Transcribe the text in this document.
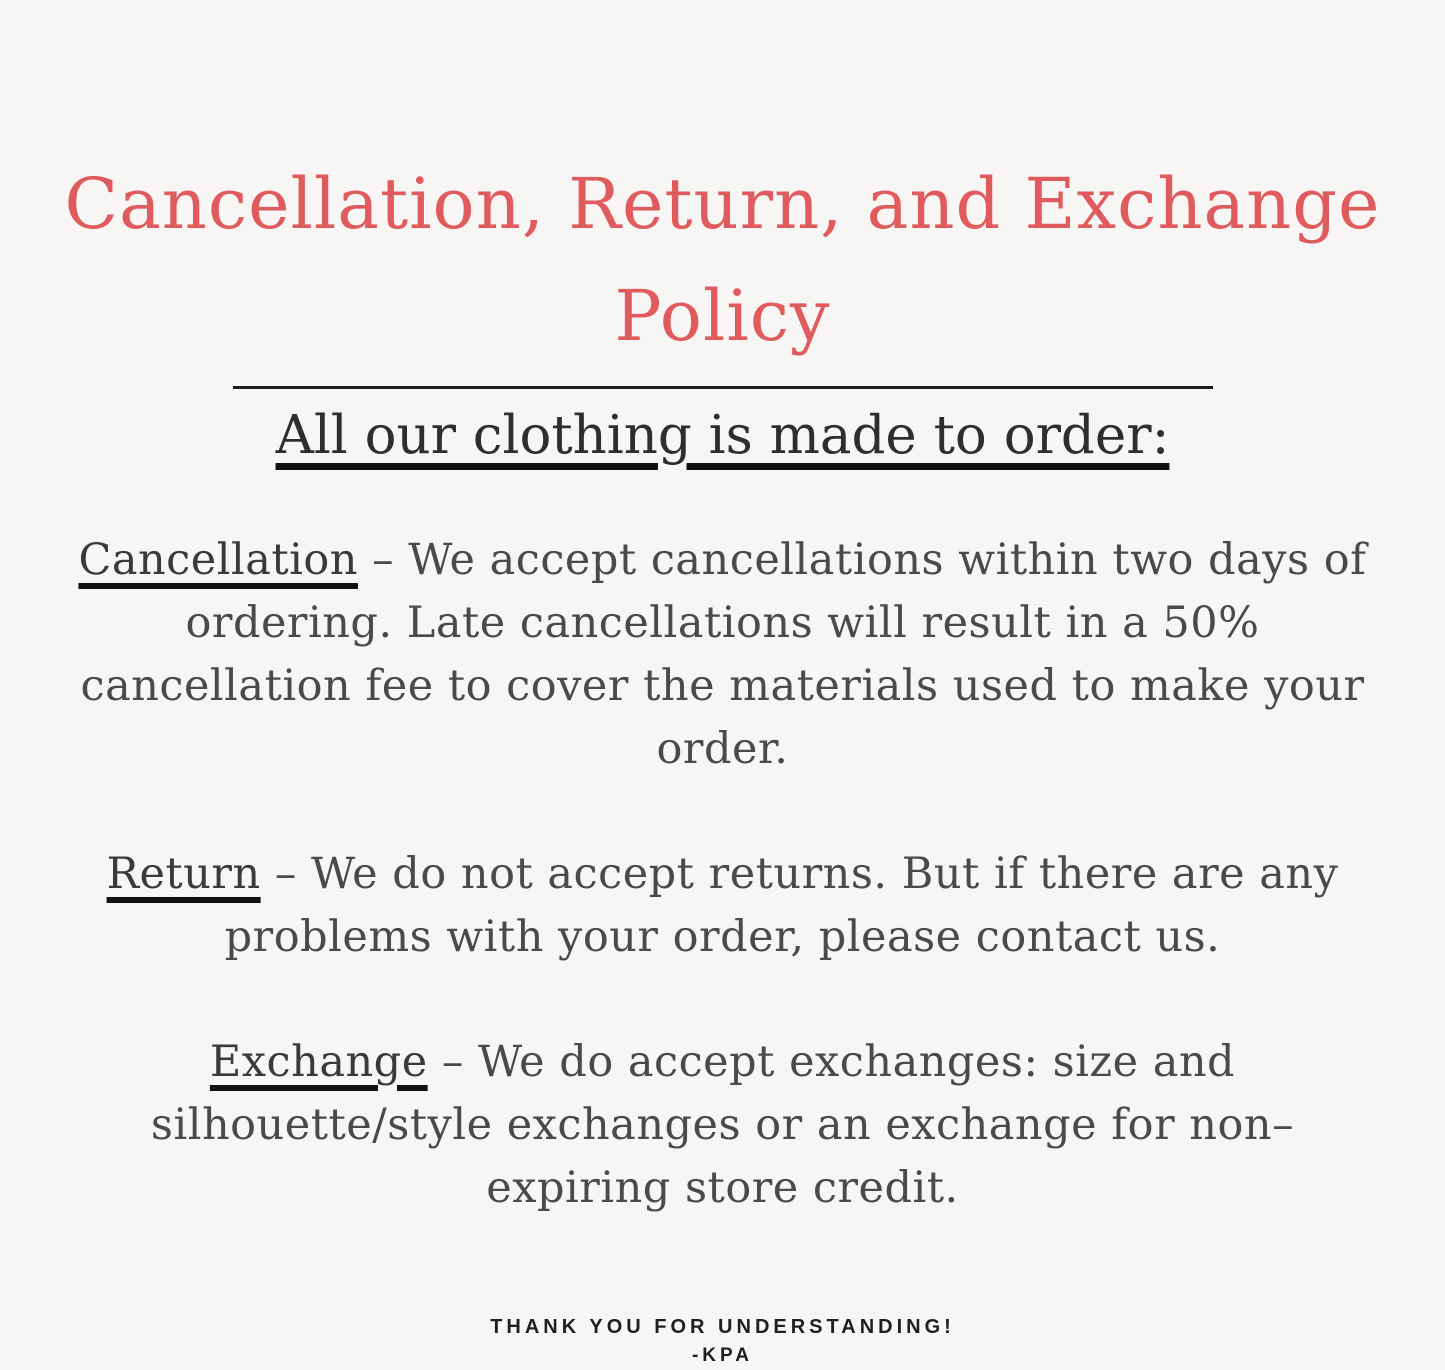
Cancellation, Return, and Exchange
Policy
All our clothing is made to order:
Cancellation – We accept cancellations within two days of ordering. Late cancellations will result in a 50% cancellation fee to cover the materials used to make your order.
Return – We do not accept returns. But if there are any problems with your order, please contact us.
Exchange – We do accept exchanges: size and silhouette/style exchanges or an exchange for non–expiring store credit.
THANK YOU FOR UNDERSTANDING!
-KPA
